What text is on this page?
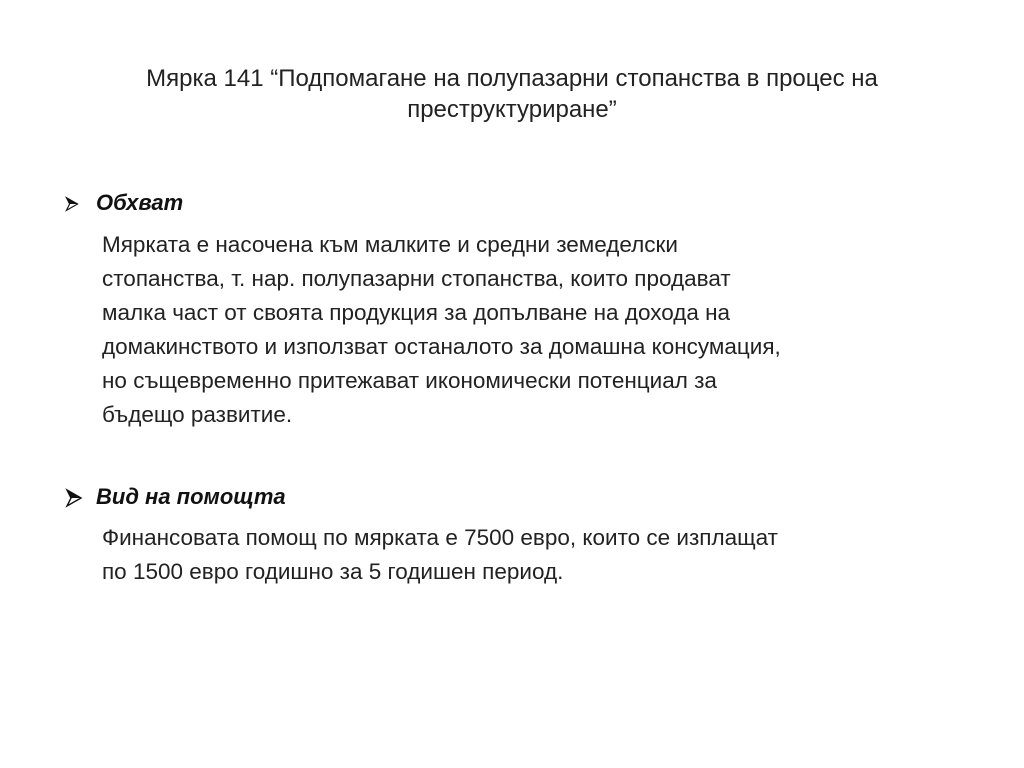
Мярка 141 “Подпомагане на полупазарни стопанства в процес на
преструктуриране”
Обхват
Мярката е насочена към малките и средни земеделски
стопанства, т. нар. полупазарни стопанства, които продават
малка част от своята продукция за допълване на дохода на
домакинството и използват останалото за домашна консумация,
но същевременно притежават икономически потенциал за
бъдещо развитие.
Вид на помощта
Финансовата помощ по мярката е 7500 евро, които се изплащат
по 1500 евро годишно за 5 годишен период.
